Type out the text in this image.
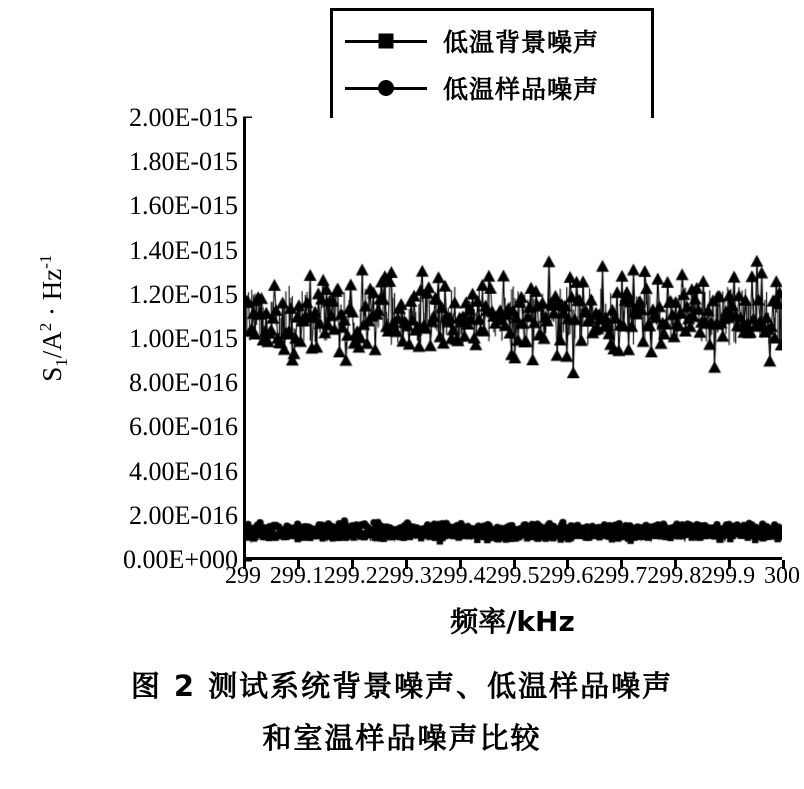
低温背景噪声
低温样品噪声
0.00E+000
2.00E-016
4.00E-016
6.00E-016
8.00E-016
1.00E-015
1.20E-015
1.40E-015
1.60E-015
1.80E-015
2.00E-015
$S_1/A^2 \cdot Hz^{-1}$
299 299.1 299.2 299.3 299.4 299.5 299.6 299.7 299.8 299.9 300
频率/kHz
图 2 测试系统背景噪声、低温样品噪声
和室温样品噪声比较
